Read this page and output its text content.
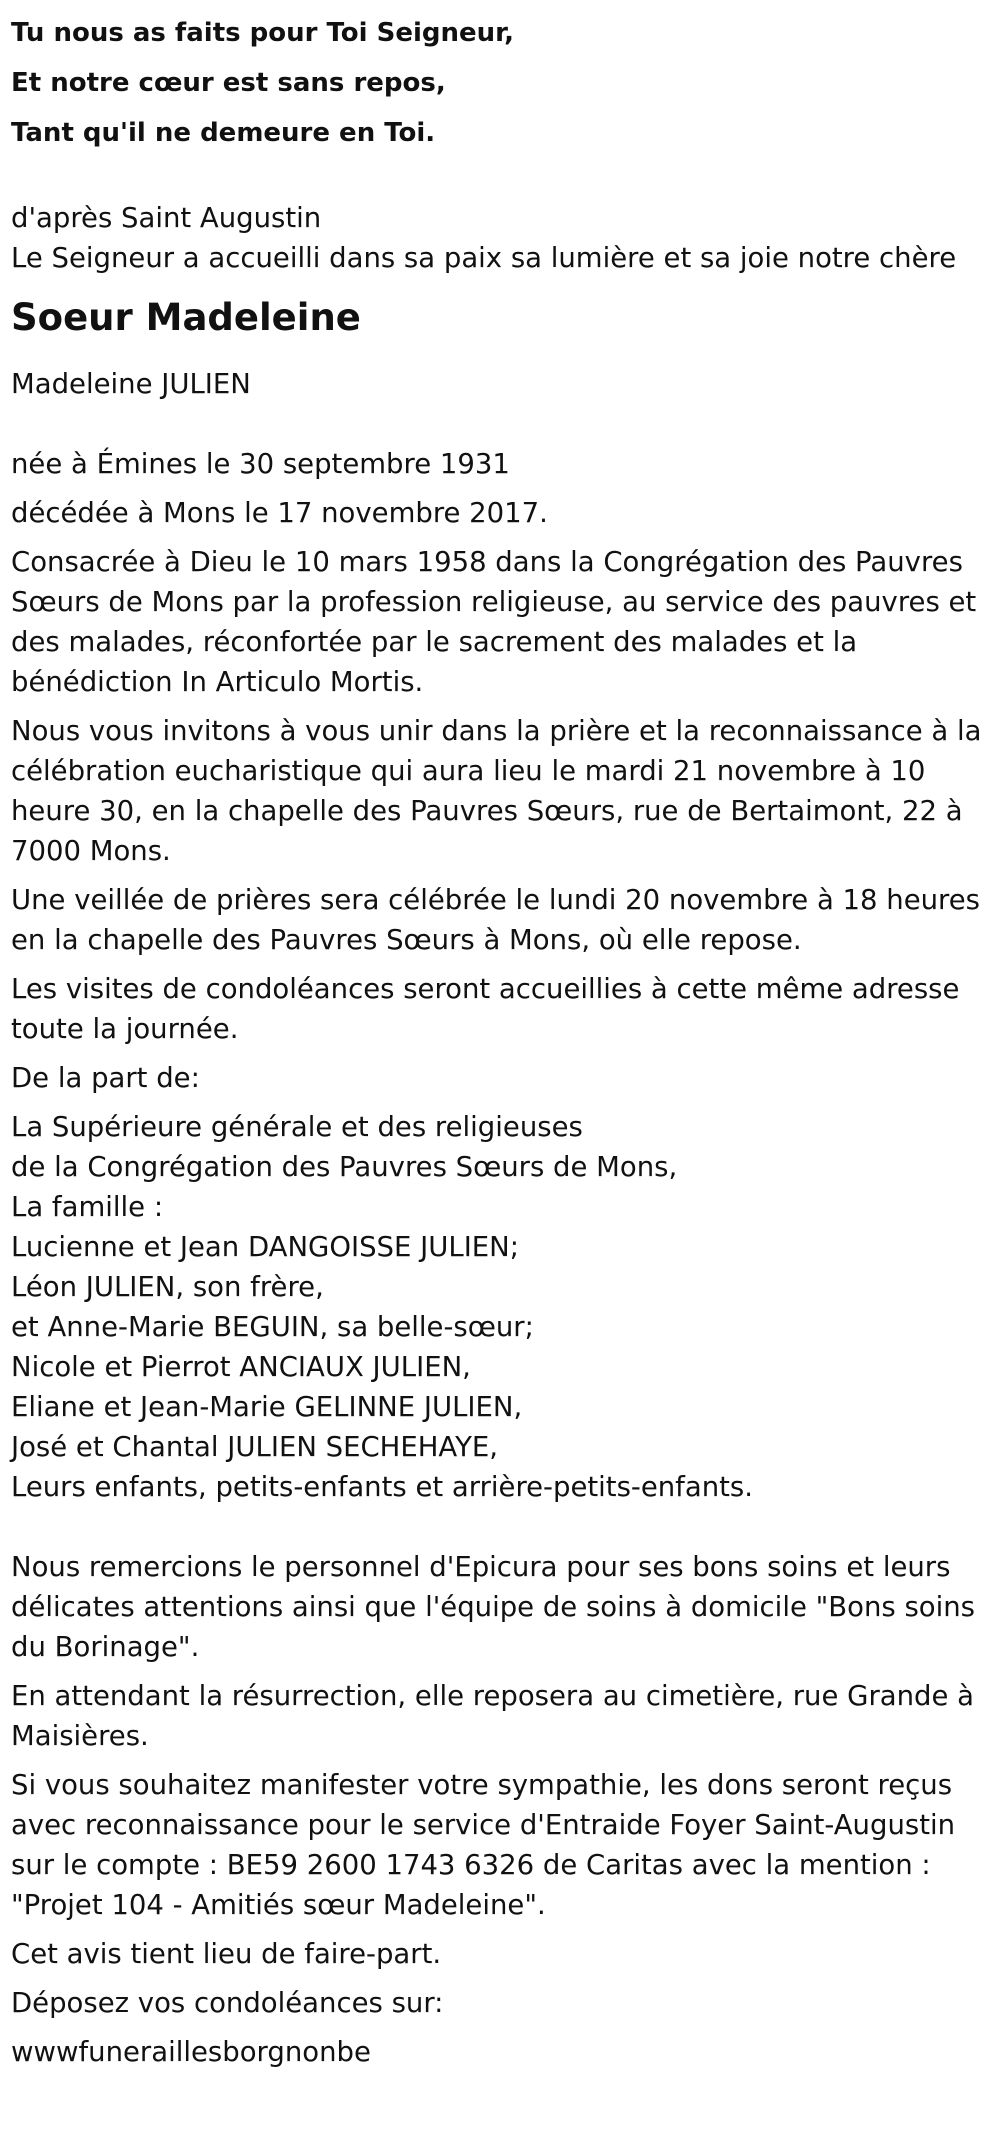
Tu nous as faits pour Toi Seigneur,
Et notre cœur est sans repos,
Tant qu'il ne demeure en Toi.
d'après Saint Augustin
Le Seigneur a accueilli dans sa paix sa lumière et sa joie notre chère
Soeur Madeleine
Madeleine JULIEN
née à Émines le 30 septembre 1931
décédée à Mons le 17 novembre 2017.
Consacrée à Dieu le 10 mars 1958 dans la Congrégation des Pauvres Sœurs de Mons par la profession religieuse, au service des pauvres et des malades, réconfortée par le sacrement des malades et la bénédiction In Articulo Mortis.
Nous vous invitons à vous unir dans la prière et la reconnaissance à la célébration eucharistique qui aura lieu le mardi 21 novembre à 10 heure 30, en la chapelle des Pauvres Sœurs, rue de Bertaimont, 22 à 7000 Mons.
Une veillée de prières sera célébrée le lundi 20 novembre à 18 heures en la chapelle des Pauvres Sœurs à Mons, où elle repose.
Les visites de condoléances seront accueillies à cette même adresse toute la journée.
De la part de:
La Supérieure générale et des religieuses
de la Congrégation des Pauvres Sœurs de Mons,
La famille :
Lucienne et Jean DANGOISSE JULIEN;
Léon JULIEN, son frère,
et Anne-Marie BEGUIN, sa belle-sœur;
Nicole et Pierrot ANCIAUX JULIEN,
Eliane et Jean-Marie GELINNE JULIEN,
José et Chantal JULIEN SECHEHAYE,
Leurs enfants, petits-enfants et arrière-petits-enfants.
Nous remercions le personnel d'Epicura pour ses bons soins et leurs délicates attentions ainsi que l'équipe de soins à domicile "Bons soins du Borinage".
En attendant la résurrection, elle reposera au cimetière, rue Grande à Maisières.
Si vous souhaitez manifester votre sympathie, les dons seront reçus avec reconnaissance pour le service d'Entraide Foyer Saint-Augustin sur le compte : BE59 2600 1743 6326 de Caritas avec la mention : "Projet 104 - Amitiés sœur Madeleine".
Cet avis tient lieu de faire-part.
Déposez vos condoléances sur:
wwwfuneraillesborgnonbe
